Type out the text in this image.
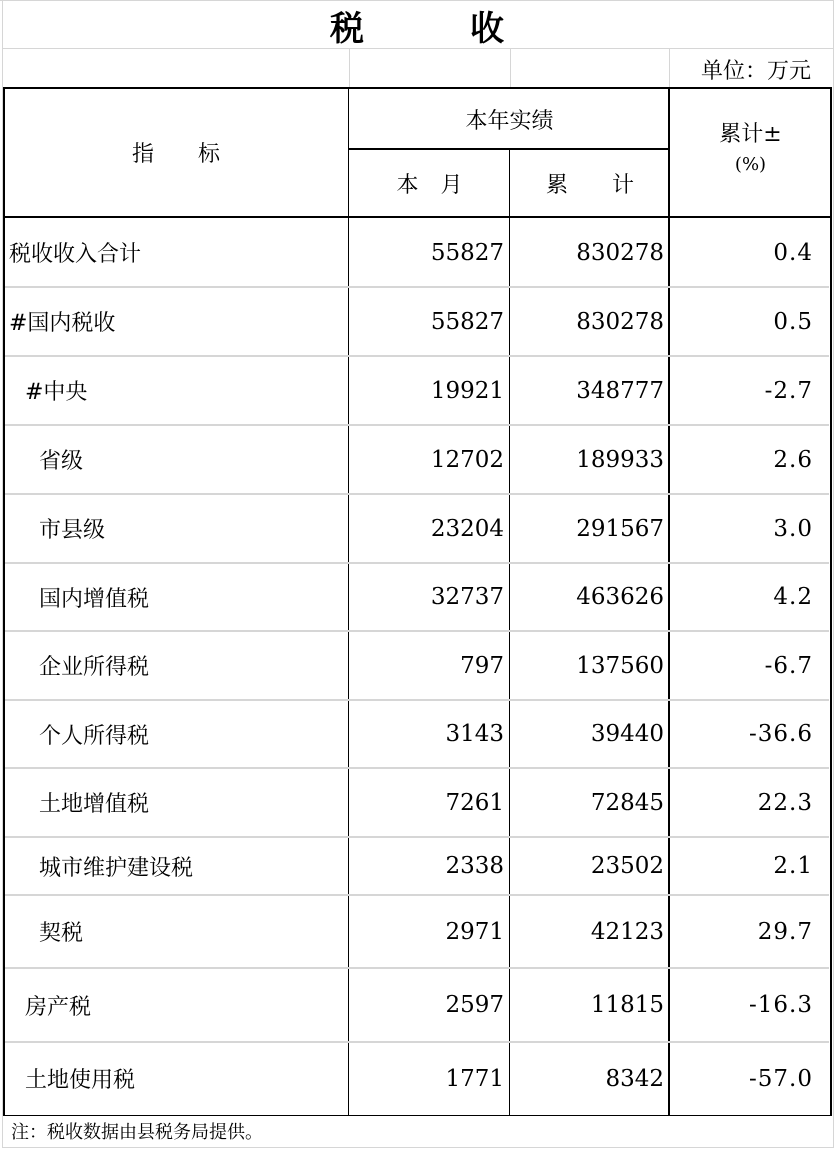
税	收
单位：万元
指　　标
本年实绩
本　月	累　　计
累计±
(%)
税收收入合计	55827	830278	0.4
#国内税收	55827	830278	0.5
#中央	19921	348777	-2.7
省级	12702	189933	2.6
市县级	23204	291567	3.0
国内增值税	32737	463626	4.2
企业所得税	797	137560	-6.7
个人所得税	3143	39440	-36.6
土地增值税	7261	72845	22.3
城市维护建设税	2338	23502	2.1
契税	2971	42123	29.7
房产税	2597	11815	-16.3
土地使用税	1771	8342	-57.0
注：税收数据由县税务局提供。
